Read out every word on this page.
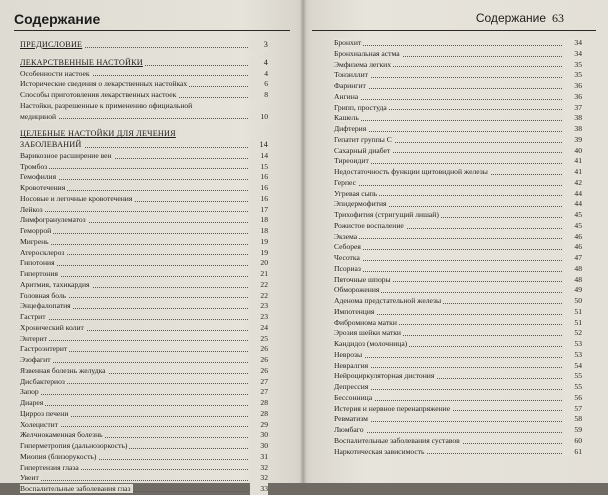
Содержание
ПРЕДИСЛОВИЕ	3
ЛЕКАРСТВЕННЫЕ НАСТОЙКИ	4
Особенности настоек	4
Исторические сведения о лекарственных настойках	6
Способы приготовления лекарственных настоек	8
Настойки, разрешенные к применению официальной
медициной	10
ЦЕЛЕБНЫЕ НАСТОЙКИ ДЛЯ ЛЕЧЕНИЯ
ЗАБОЛЕВАНИЙ	14
Варикозное расширение вен	14
Тромбоз	15
Гемофилия	16
Кровотечения	16
Носовые и легочные кровотечения	16
Лейкоз	17
Лимфогранулематоз	18
Геморрой	18
Мигрень	19
Атеросклероз	19
Гипотония	20
Гипертония	21
Аритмия, тахикардия	22
Головная боль	22
Энцефалопатия	23
Гастрит	23
Хронический колит	24
Энтерит	25
Гастроэнтерит	26
Эзофагит	26
Язвенная болезнь желудка	26
Дисбактериоз	27
Запор	27
Диарея	28
Цирроз печени	28
Холецистит	29
Желчнокаменная болезнь	30
Гиперметропия (дальнозоркость)	30
Миопия (близорукость)	31
Гипертензия глаза	32
Увеит	32
Воспалительные заболевания глаз	33
Содержание 63
Бронхит	34
Бронхиальная астма	34
Эмфизема легких	35
Тонзиллит	35
Фарингит	36
Ангина	36
Грипп, простуда	37
Кашель	38
Дифтерия	38
Гепатит группы С	39
Сахарный диабет	40
Тиреоидит	41
Недостаточность функции щитовидной железы	41
Герпес	42
Угревая сыпь	44
Эпидермофития	44
Трихофития (стригущий лишай)	45
Рожистое воспаление	45
Экзема	46
Себорея	46
Чесотка	47
Псориаз	48
Пяточные шпоры	48
Обморожения	49
Аденома предстательной железы	50
Импотенция	51
Фибромиома матки	51
Эрозия шейки матки	52
Кандидоз (молочница)	53
Неврозы	53
Невралгия	54
Нейроциркуляторная дистония	55
Депрессия	55
Бессонница	56
Истерия и нервное перенапряжение	57
Ревматизм	58
Люмбаго	59
Воспалительные заболевания суставов	60
Наркотическая зависимость	61
